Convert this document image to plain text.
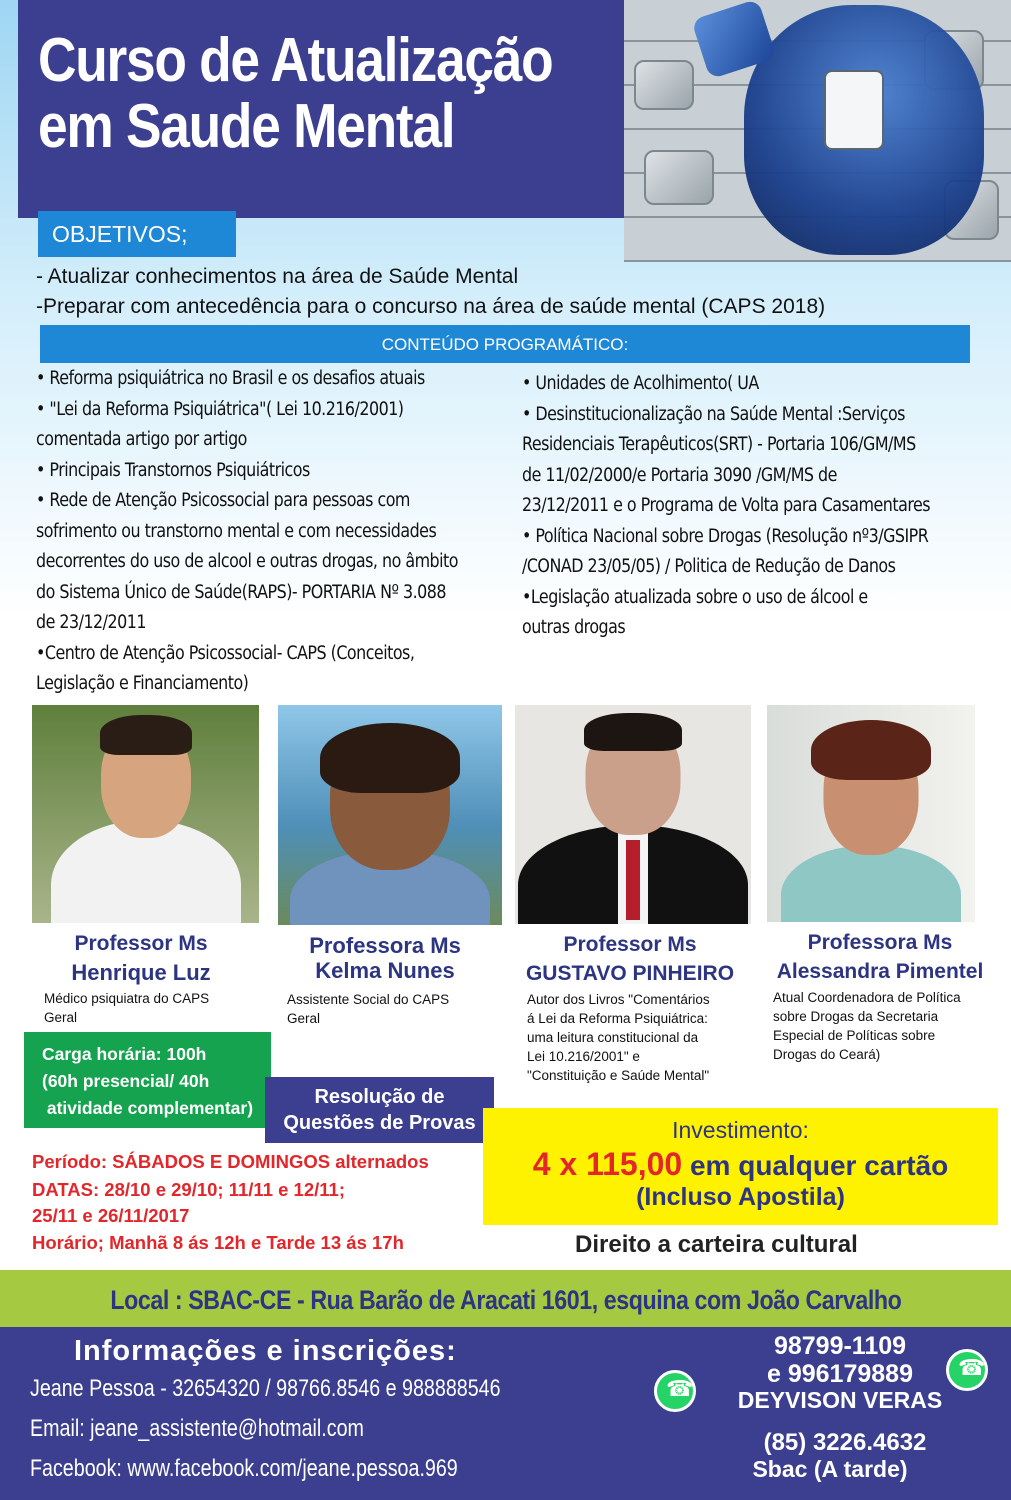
Curso de Atualização
em Saude Mental
OBJETIVOS;
- Atualizar conhecimentos na área de Saúde Mental
-Preparar com antecedência para o concurso na área de saúde mental (CAPS 2018)
CONTEÚDO PROGRAMÁTICO:
• Reforma psiquiátrica no Brasil e os desafios atuais
• "Lei da Reforma Psiquiátrica"( Lei 10.216/2001)
comentada artigo por artigo
• Principais Transtornos Psiquiátricos
• Rede de Atenção Psicossocial para pessoas com
sofrimento ou transtorno mental e com necessidades
decorrentes do uso de alcool e outras drogas, no âmbito
do Sistema Único de Saúde(RAPS)- PORTARIA Nº 3.088
de 23/12/2011
•Centro de Atenção Psicossocial- CAPS (Conceitos,
Legislação e Financiamento)
• Unidades de Acolhimento( UA
• Desinstitucionalização na Saúde Mental :Serviços
Residenciais Terapêuticos(SRT) - Portaria 106/GM/MS
de 11/02/2000/e Portaria 3090 /GM/MS de
23/12/2011 e o Programa de Volta para Casamentares
• Política Nacional sobre Drogas (Resolução nº3/GSIPR
/CONAD 23/05/05) / Politica de Redução de Danos
•Legislação atualizada sobre o uso de álcool e
outras drogas
Professor Ms
Henrique Luz
Professora Ms
Kelma Nunes
Professor Ms
GUSTAVO PINHEIRO
Professora Ms
Alessandra Pimentel
Médico psiquiatra do CAPS
Geral
Assistente Social do CAPS
Geral
Autor dos Livros "Comentários
á Lei da Reforma Psiquiátrica:
uma leitura constitucional da
Lei 10.216/2001" e
"Constituição e Saúde Mental"
Atual Coordenadora de Política
sobre Drogas da Secretaria
Especial de Políticas sobre
Drogas do Ceará)
Carga horária: 100h
(60h presencial/ 40h
atividade complementar)	Resolução de
Questões de Provas	Investimento:
4 x 115,00 em qualquer cartão
(Incluso Apostila)
Período: SÁBADOS E DOMINGOS alternados
DATAS: 28/10 e 29/10; 11/11 e 12/11;
25/11 e 26/11/2017
Horário; Manhã 8 ás 12h e Tarde 13 ás 17h	Direito a carteira cultural
Local : SBAC-CE - Rua Barão de Aracati 1601, esquina com João Carvalho
Informações e inscrições:
Jeane Pessoa - 32654320 / 98766.8546 e 988888546
Email: jeane_assistente@hotmail.com
Facebook: www.facebook.com/jeane.pessoa.969
☎
☎
98799-1109
e 996179889
DEYVISON VERAS
(85) 3226.4632
Sbac (A tarde)
